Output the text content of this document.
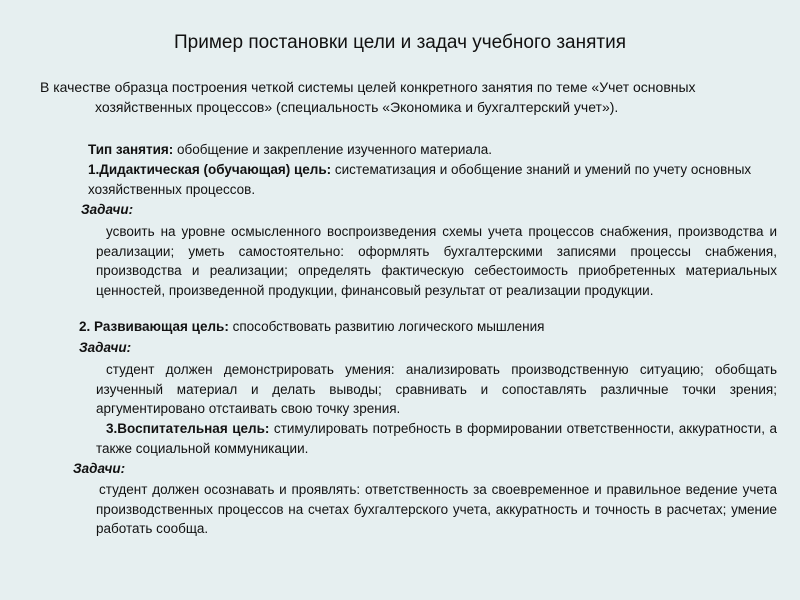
Пример постановки цели и задач учебного занятия
В качестве образца построения четкой системы целей конкретного занятия по теме «Учет основных
хозяйственных процессов» (специальность «Экономика и бухгалтерский учет»).
Тип занятия: обобщение и закрепление изученного материала.
1.Дидактическая (обучающая) цель: систематизация и обобщение знаний и умений по учету основных хозяйственных процессов.
Задачи:
усвоить на уровне осмысленного воспроизведения схемы учета процессов снабжения, производства и реализации; уметь самостоятельно: оформлять бухгалтерскими записями процессы снабжения, производства и реализации; определять фактическую себестоимость приобретенных материальных ценностей, произведенной продукции, финансовый результат от реализации продукции.
2. Развивающая цель: способствовать развитию логического мышления
Задачи:
студент должен демонстрировать умения: анализировать производственную ситуацию; обобщать изученный материал и делать выводы; сравнивать и сопоставлять различные точки зрения; аргументировано отстаивать свою точку зрения.
3.Воспитательная цель: стимулировать потребность в формировании ответственности, аккуратности, а также социальной коммуникации.
Задачи:
студент должен осознавать и проявлять: ответственность за своевременное и правильное ведение учета производственных процессов на счетах бухгалтерского учета, аккуратность и точность в расчетах; умение работать сообща.
